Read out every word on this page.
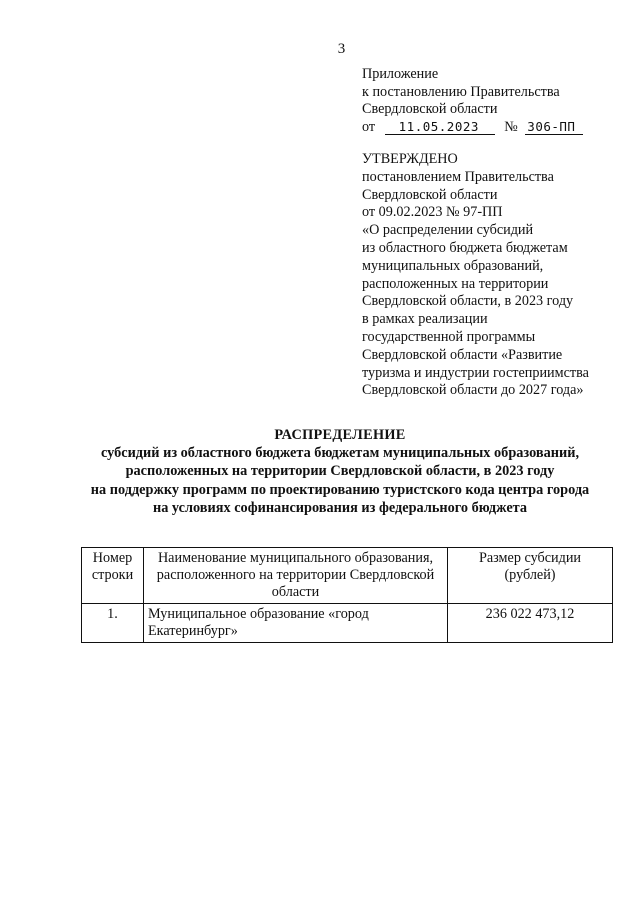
3
Приложение
к постановлению Правительства
Свердловской области
от 11.05.2023 № 306-ПП
УТВЕРЖДЕНО
постановлением Правительства
Свердловской области
от 09.02.2023 № 97-ПП
«О распределении субсидий
из областного бюджета бюджетам
муниципальных образований,
расположенных на территории
Свердловской области, в 2023 году
в рамках реализации
государственной программы
Свердловской области «Развитие
туризма и индустрии гостеприимства
Свердловской области до 2027 года»
РАСПРЕДЕЛЕНИЕ
субсидий из областного бюджета бюджетам муниципальных образований,
расположенных на территории Свердловской области, в 2023 году
на поддержку программ по проектированию туристского кода центра города
на условиях софинансирования из федерального бюджета
Номер строки	Наименование муниципального образования, расположенного на территории Свердловской области	Размер субсидии (рублей)
1.	Муниципальное образование «город Екатеринбург»	236 022 473,12
